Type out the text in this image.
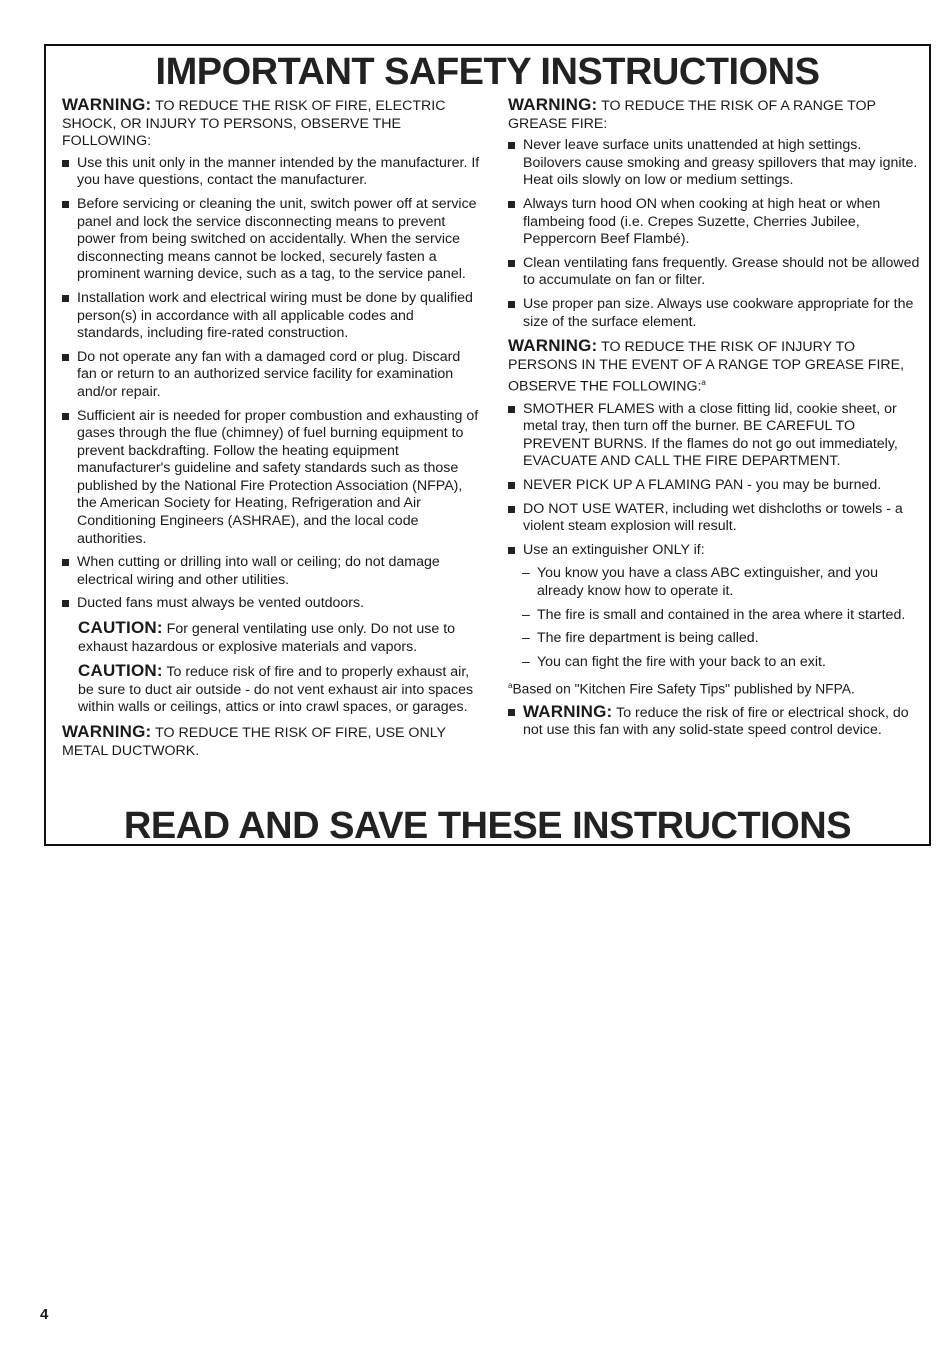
IMPORTANT SAFETY INSTRUCTIONS

WARNING: TO REDUCE THE RISK OF FIRE, ELECTRIC SHOCK, OR INJURY TO PERSONS, OBSERVE THE FOLLOWING:

Use this unit only in the manner intended by the manufacturer. If you have questions, contact the manufacturer.
Before servicing or cleaning the unit, switch power off at service panel and lock the service disconnecting means to prevent power from being switched on accidentally. When the service disconnecting means cannot be locked, securely fasten a prominent warning device, such as a tag, to the service panel.
Installation work and electrical wiring must be done by qualified person(s) in accordance with all applicable codes and standards, including fire-rated construction.
Do not operate any fan with a damaged cord or plug. Discard fan or return to an authorized service facility for examination and/or repair.
Sufficient air is needed for proper combustion and exhausting of gases through the flue (chimney) of fuel burning equipment to prevent backdrafting. Follow the heating equipment manufacturer's guideline and safety standards such as those published by the National Fire Protection Association (NFPA), the American Society for Heating, Refrigeration and Air Conditioning Engineers (ASHRAE), and the local code authorities.
When cutting or drilling into wall or ceiling; do not damage electrical wiring and other utilities.
Ducted fans must always be vented outdoors.

CAUTION: For general ventilating use only. Do not use to exhaust hazardous or explosive materials and vapors.

CAUTION: To reduce risk of fire and to properly exhaust air, be sure to duct air outside - do not vent exhaust air into spaces within walls or ceilings, attics or into crawl spaces, or garages.

WARNING: TO REDUCE THE RISK OF FIRE, USE ONLY METAL DUCTWORK.

WARNING: TO REDUCE THE RISK OF A RANGE TOP GREASE FIRE:

Never leave surface units unattended at high settings. Boilovers cause smoking and greasy spillovers that may ignite. Heat oils slowly on low or medium settings.
Always turn hood ON when cooking at high heat or when flambeing food (i.e. Crepes Suzette, Cherries Jubilee, Peppercorn Beef Flambé).
Clean ventilating fans frequently. Grease should not be allowed to accumulate on fan or filter.
Use proper pan size. Always use cookware appropriate for the size of the surface element.

WARNING: TO REDUCE THE RISK OF INJURY TO PERSONS IN THE EVENT OF A RANGE TOP GREASE FIRE, OBSERVE THE FOLLOWING:$^a$

SMOTHER FLAMES with a close fitting lid, cookie sheet, or metal tray, then turn off the burner. BE CAREFUL TO PREVENT BURNS. If the flames do not go out immediately, EVACUATE AND CALL THE FIRE DEPARTMENT.
NEVER PICK UP A FLAMING PAN - you may be burned.
DO NOT USE WATER, including wet dishcloths or towels - a violent steam explosion will result.
Use an extinguisher ONLY if:
– You know you have a class ABC extinguisher, and you already know how to operate it.
– The fire is small and contained in the area where it started.
– The fire department is being called.
– You can fight the fire with your back to an exit.

$^a$Based on "Kitchen Fire Safety Tips" published by NFPA.

WARNING: To reduce the risk of fire or electrical shock, do not use this fan with any solid-state speed control device.

READ AND SAVE THESE INSTRUCTIONS
4
